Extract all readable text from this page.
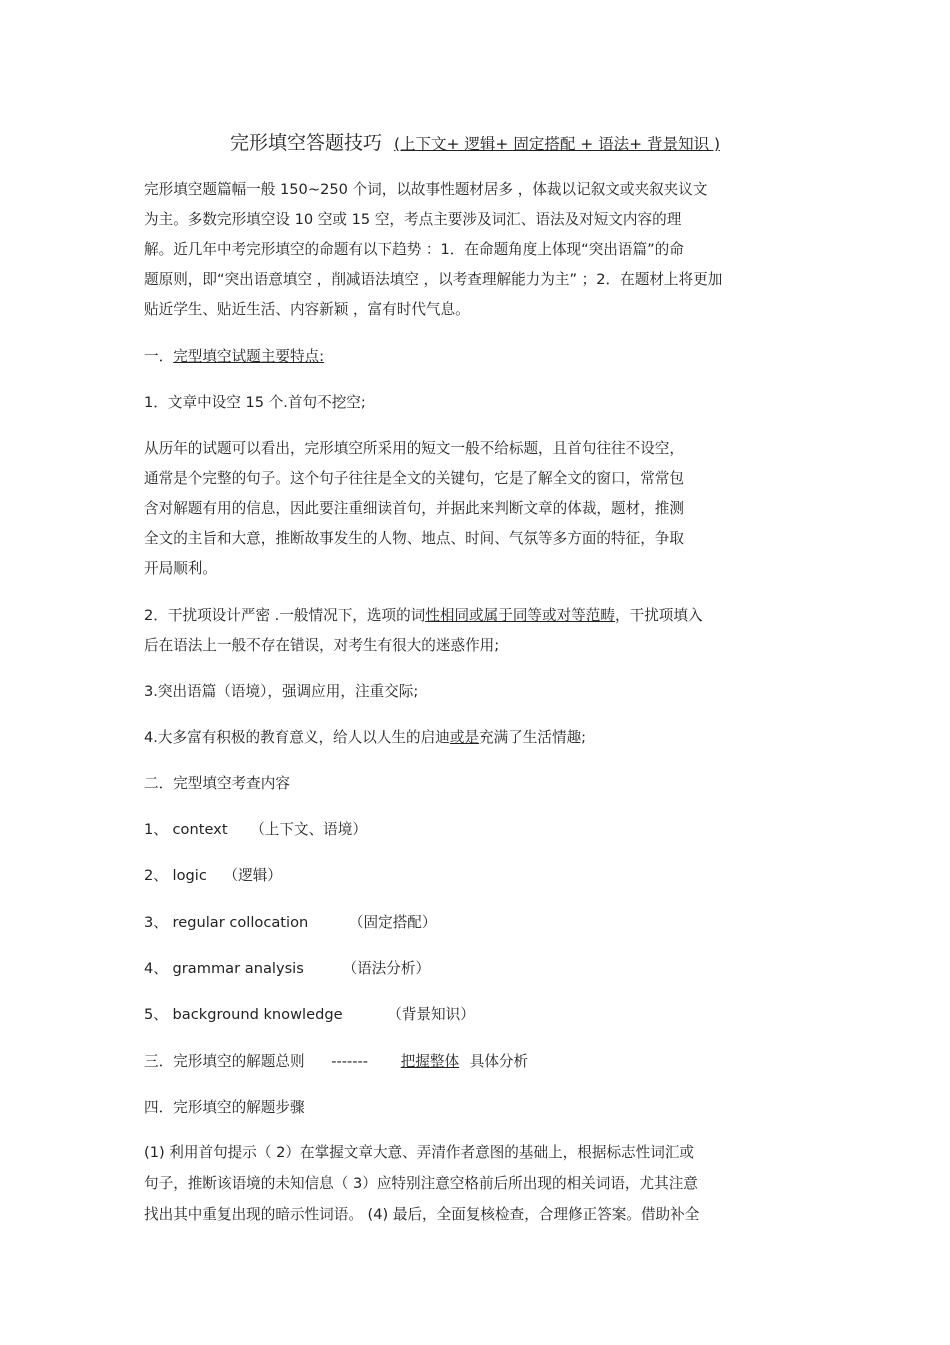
完形填空答题技巧 (上下文+ 逻辑+ 固定搭配 + 语法+ 背景知识 )
完形填空题篇幅一般 150~250 个词，以故事性题材居多 ，体裁以记叙文或夹叙夹议文
为主。多数完形填空设 10 空或 15 空，考点主要涉及词汇、语法及对短文内容的理
解。近几年中考完形填空的命题有以下趋势 ：1．在命题角度上体现“突出语篇”的命
题原则，即“突出语意填空 ，削减语法填空 ，以考查理解能力为主” ；2．在题材上将更加
贴近学生、贴近生活、内容新颖 ，富有时代气息。
一．完型填空试题主要特点:
1．文章中设空 15 个.首句不挖空;
从历年的试题可以看出，完形填空所采用的短文一般不给标题，且首句往往不设空，
通常是个完整的句子。这个句子往往是全文的关键句，它是了解全文的窗口，常常包
含对解题有用的信息，因此要注重细读首句，并据此来判断文章的体裁，题材，推测
全文的主旨和大意，推断故事发生的人物、地点、时间、气氛等多方面的特征，争取
开局顺利。
2．干扰项设计严密 .一般情况下，选项的词性相同或属于同等或对等范畴，干扰项填入
后在语法上一般不存在错误，对考生有很大的迷惑作用;
3.突出语篇（语境），强调应用，注重交际;
4.大多富有积极的教育意义，给人以人生的启迪或是充满了生活情趣;
二．完型填空考查内容
1、 context （上下文、语境）
2、 logic （逻辑）
3、 regular collocation	（固定搭配）
4、 grammar analysis	（语法分析）
5、 background knowledge	（背景知识）
三．完形填空的解题总则 ------- 把握整体 具体分析
四．完形填空的解题步骤
(1) 利用首句提示（ 2）在掌握文章大意、弄清作者意图的基础上，根据标志性词汇或
句子，推断该语境的未知信息（ 3）应特别注意空格前后所出现的相关词语，尤其注意
找出其中重复出现的暗示性词语。 (4) 最后，全面复核检查，合理修正答案。借助补全
